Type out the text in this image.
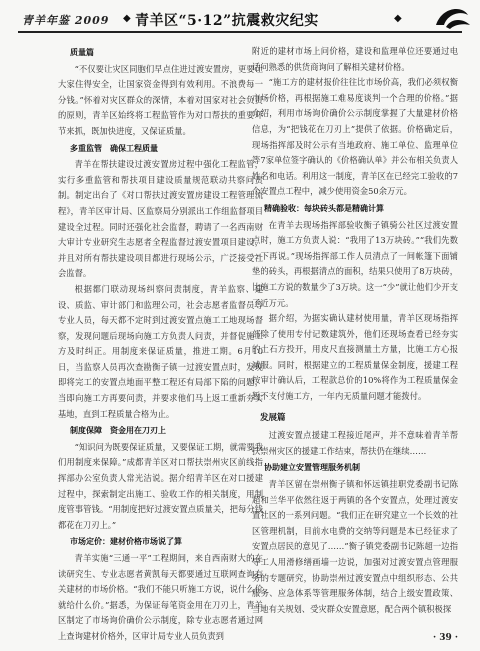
青羊年鉴 2009 ◆ 青羊区“5·12”抗震救灾纪实	◆
质量篇

“不仅要让灾区同胞们早点住进过渡安置房，更要让大家住得安全，让国家资金得到有效利用。不浪费每一分钱。”怀着对灾区群众的深情，本着对国家对社会负责的原则，青羊区始终将工程监管作为对口帮扶的重要环节来抓，既加快进度，又保证质量。

多重监管　确保工程质量

青羊在帮扶建设过渡安置房过程中强化工程监管，实行多重监管和帮扶项目建设质量规范联动共察问责制。制定出台了《对口帮扶过渡安置房建设工程管理流程》，青羊区审计局、区监察局分别派出工作组监督项目建设全过程。同时还强化社会监督，聘请了一名西南财大审计专业研究生志愿者全程监督过渡安置项目建设，并且对所有帮扶建设项目都进行现场公示，广泛接受社会监督。

根据都门联动现场纠察问责制度，青羊监察、建设、质监、审计部门和监理公司，社会志愿者监督员等专业人员，每天都不定时到过渡安置点施工工地现场督察，发现问题后现场向施工方负责人问责，并督促施工方及时纠正。用制度来保证质量，推进工期。6月10日，当监察人员再次查勘衡子镇一过渡安置点时，发现即将完工的安置点地面平整工程还有局部下陷的问题，当即向施工方再要问责，并要求他们马上返工重新夯实基地，直到工程质量合格为止。

制度保障　资金用在刀刃上

“知识问为既要保证质量，又要保证工期，就需要我们用制度来保障。”成都青羊区对口帮扶崇州灾区前线指挥部办公室负责人常光洁说。据介绍青羊区在对口援建过程中，探索制定出施工、验收工作的相关制度，用制度管事管钱。“用制度把好过渡安置点质量关，把每分钱都花在刀刃上。”

市场定价：建材价格市场说了算

青羊实施“三通一平”工程期间，来自西南财大的在读研究生、专业志愿者黄凯每天都要通过互联网查询有关建材的市场价格。“我们不能只听施工方说，说什么价就给什么价。”据悉，为保证每笔资金用在刀刃上，青羊区制定了市场询价确价公示制度，除专业志愿者通过网上查询建材价格外，区审计局专业人员负责到

附近的建材市场上问价格，建设和监理单位还要通过电话问熟悉的供货商询问了解相关建材价格。

“施工方的建材报价往往比市场价高，我们必须权衡市场价格，再根据施工难易度谈判一个合理的价格。”据介绍，利用市场询价确价公示制度掌握了大量建材价格信息，为“把钱花在刀刃上”提供了依据。价格确定后，现场指挥部及时公示有当地政府、施工单位、监理单位等7家单位签字确认的《价格确认单》并公布相关负责人姓名和电话。利用这一制度，青羊区在已经完工验收的7个安置点工程中，减少使用资金50余万元。

精确验收：每块砖头都是精确计算

在青羊去现场指挥部验收衡子镇骑公社区过渡安置点时，施工方负责人说：“我用了13万块砖。”“我们先数一下再说。”现场指挥部工作人员清点了一间帐篷下面铺垫的砖头，再根据清点的面积，结果只使用了8万块砖，比施工方说的数量少了3万块。这一“少”就让他们少开支了近万元。

据介绍，为据实确认建材使用量，青羊区现场指挥部除了使用专付记数建筑外，他们还现场查看已经夯实的土石方投开，用皮尺直接测量土方量，比施工方心报减服。同时，根据建立的工程质量保金制度，援建工程按审计确认后，工程款总价的10%将作为工程质量保金暂不支付施工方，一年内无质量问题才能拨付。

发展篇

过渡安置点援建工程接近尾声，并不意味着青羊帮扶崇州灾区的援建工作结束，帮扶仍在继续……

协助建立安置管理服务机制

青羊区留在崇州衡子镇和怀远镇挂职党委副书记陈超和兰华平依然往返于两镇的各个安置点，处理过渡安置社区的一系列问题。“我们正在研究建立一个长效的社区管理机制，目前水电费的交纳等问题是本已经征求了安置点居民的意见了……”衡子镇党委副书记陈超一边指导工人用滑修缮画墙一边说，加强对过渡安置点管理服务的专题研究，协助崇州过渡安置点中组织形态、公共服务、应急体系等管理服务体制，结合上级安置政策、当地有关规划、受灾群众安置意愿，配合两个镇积极探

· 39 ·
